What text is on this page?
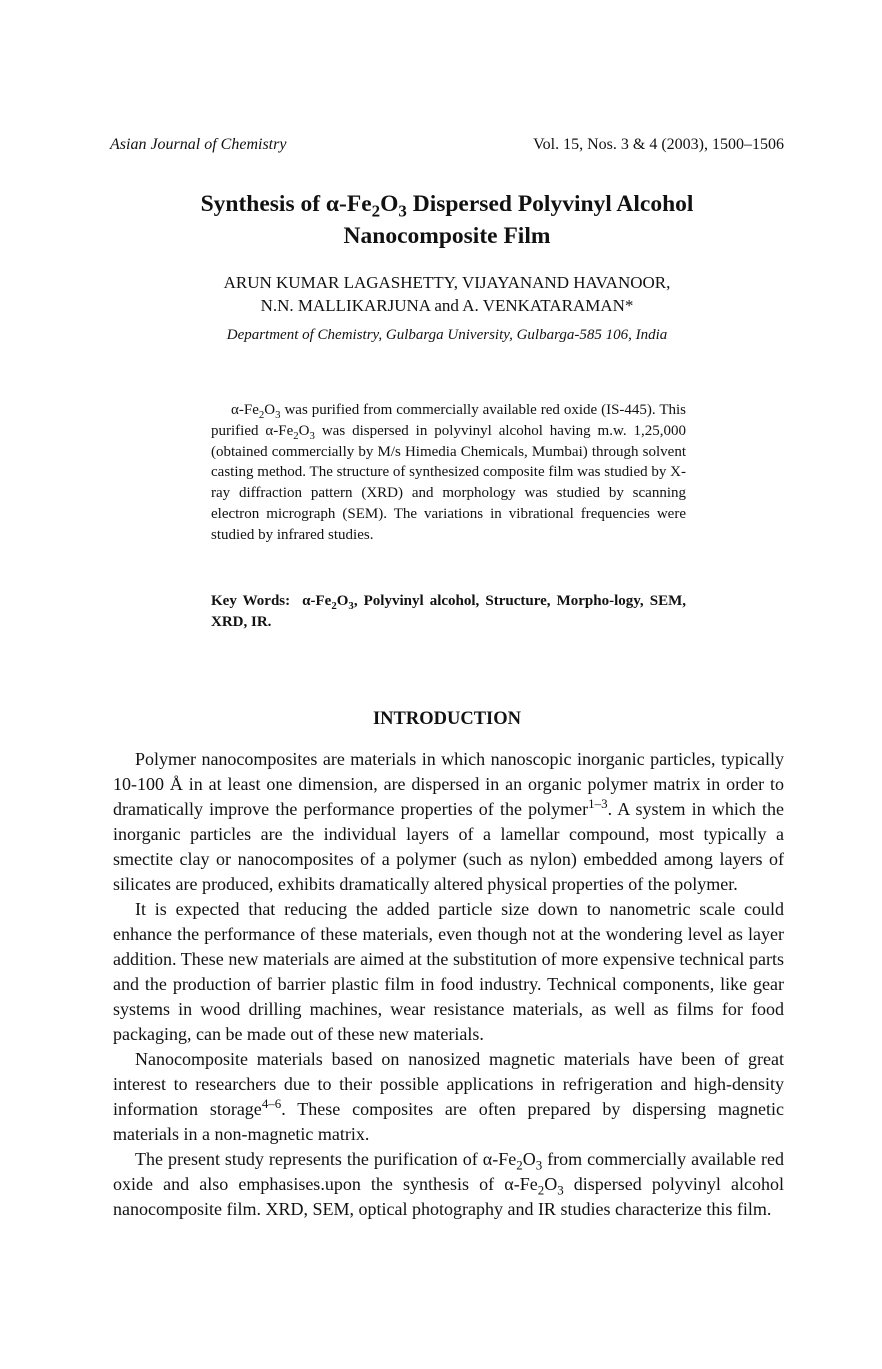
Asian Journal of Chemistry	Vol. 15, Nos. 3 & 4 (2003), 1500–1506
Synthesis of $\alpha-Fe_2O_3$ Dispersed Polyvinyl Alcohol
Nanocomposite Film
ARUN KUMAR LAGASHETTY, VIJAYANAND HAVANOOR,
N.N. MALLIKARJUNA and A. VENKATARAMAN*
Department of Chemistry, Gulbarga University, Gulbarga-585 106, India

$\alpha-Fe_2O_3$ was purified from commercially available red oxide (IS-445). This purified $\alpha-Fe_2O_3$ was dispersed in polyvinyl alcohol having m.w. 1,25,000 (obtained commercially by M/s Himedia Chemicals, Mumbai) through solvent casting method. The structure of synthesized composite film was studied by X-ray diffraction pattern (XRD) and morphology was studied by scanning electron micrograph (SEM). The variations in vibrational frequencies were studied by infrared studies.

Key Words: $\alpha-Fe_2O_3$, Polyvinyl alcohol, Structure, Morpho-logy, SEM, XRD, IR.

INTRODUCTION

Polymer nanocomposites are materials in which nanoscopic inorganic particles, typically 10-100 Å in at least one dimension, are dispersed in an organic polymer matrix in order to dramatically improve the performance properties of the polymer$^{1-3}$. A system in which the inorganic particles are the individual layers of a lamellar compound, most typically a smectite clay or nanocomposites of a polymer (such as nylon) embedded among layers of silicates are produced, exhibits dramatically altered physical properties of the polymer.

It is expected that reducing the added particle size down to nanometric scale could enhance the performance of these materials, even though not at the wondering level as layer addition. These new materials are aimed at the substitution of more expensive technical parts and the production of barrier plastic film in food industry. Technical components, like gear systems in wood drilling machines, wear resistance materials, as well as films for food packaging, can be made out of these new materials.

Nanocomposite materials based on nanosized magnetic materials have been of great interest to researchers due to their possible applications in refrigeration and high-density information storage$^{4-6}$. These composites are often prepared by dispersing magnetic materials in a non-magnetic matrix.

The present study represents the purification of $\alpha-Fe_2O_3$ from commercially available red oxide and also emphasises.upon the synthesis of $\alpha-Fe_2O_3$ dispersed polyvinyl alcohol nanocomposite film. XRD, SEM, optical photography and IR studies characterize this film.
